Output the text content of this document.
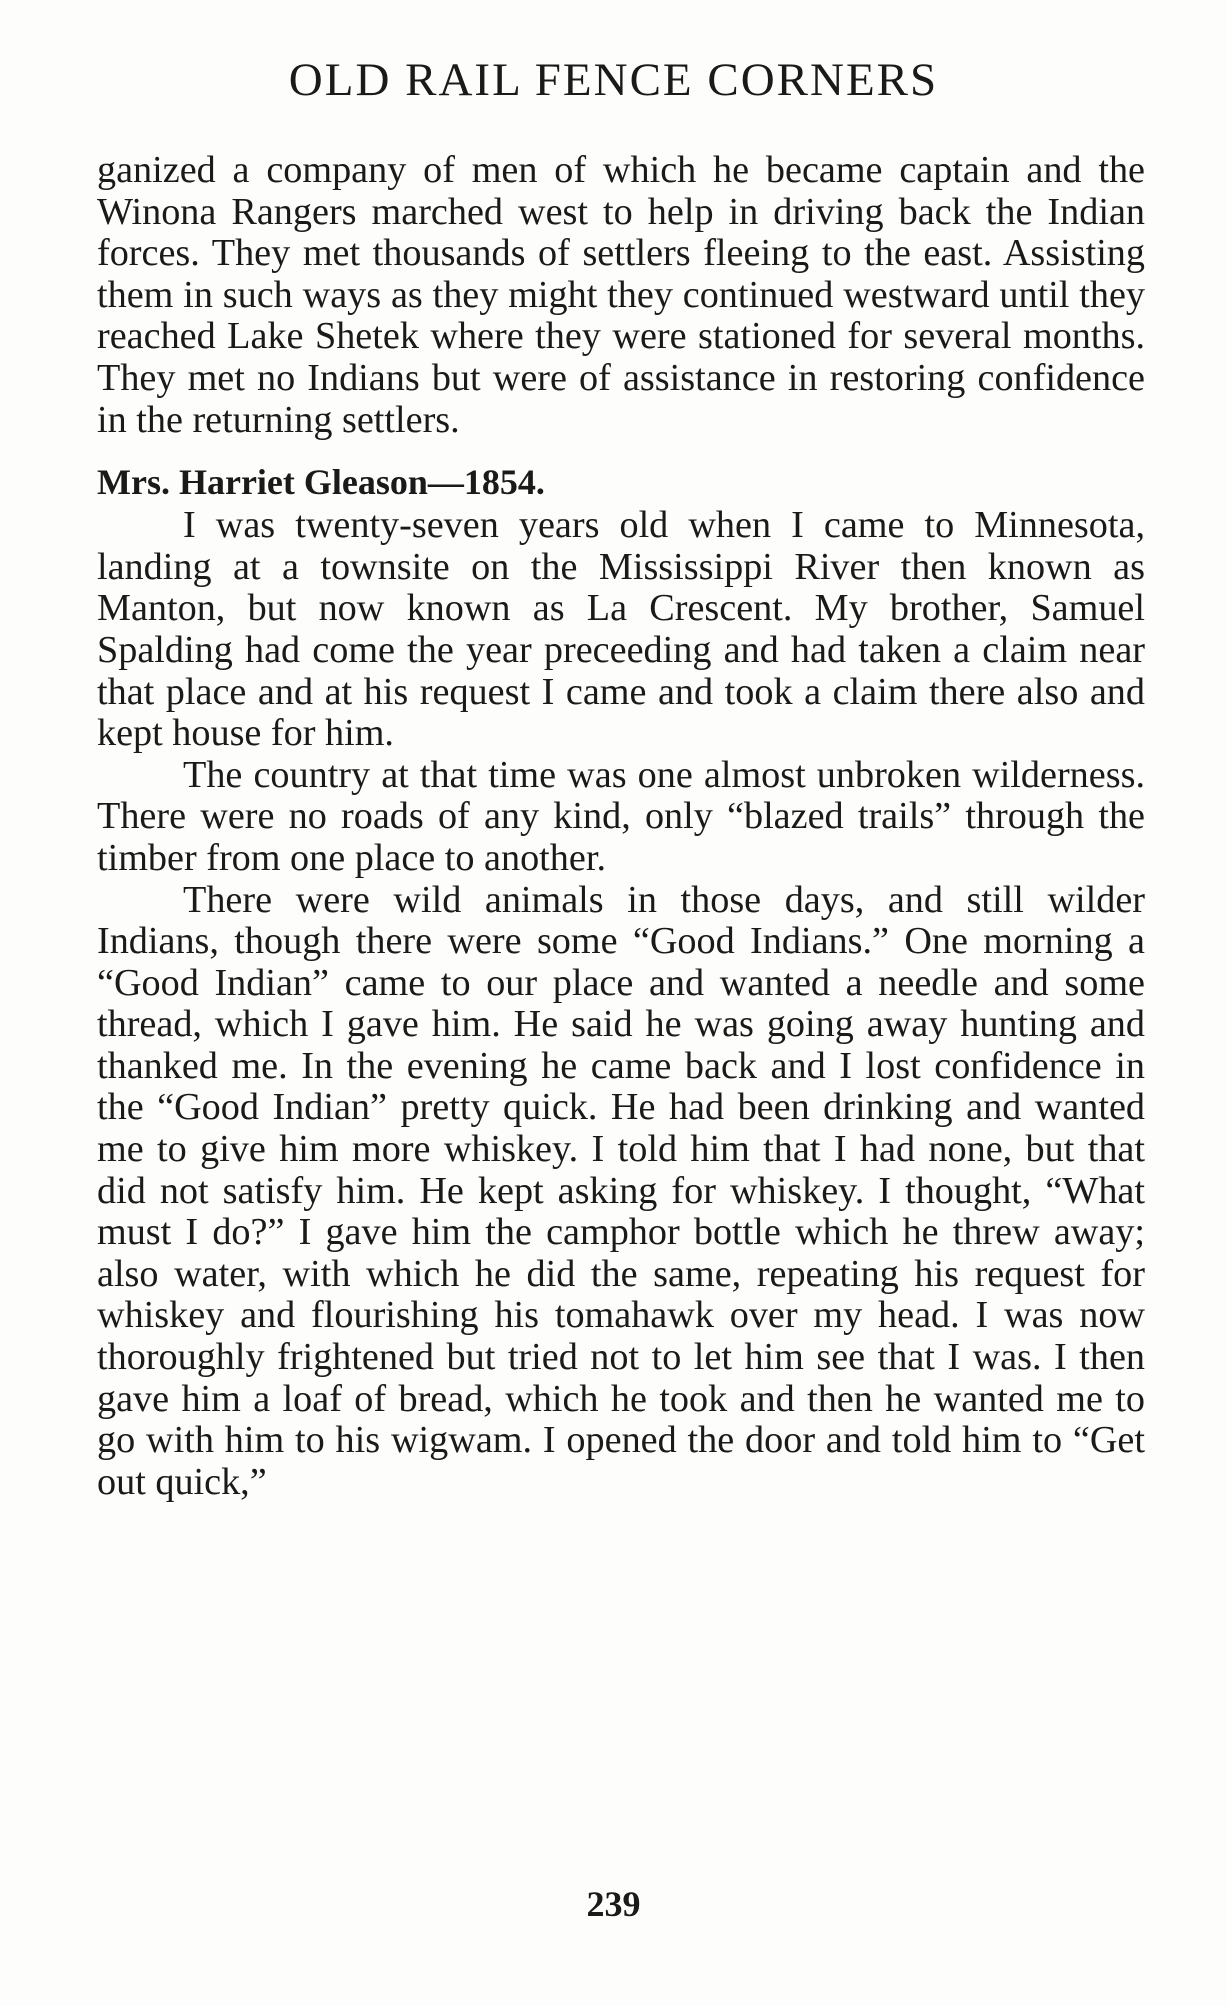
OLD RAIL FENCE CORNERS

ganized a company of men of which he became captain and the Winona Rangers marched west to help in driving back the Indian forces. They met thousands of settlers fleeing to the east. Assisting them in such ways as they might they continued westward until they reached Lake Shetek where they were stationed for several months. They met no Indians but were of assistance in restoring confidence in the returning settlers.

Mrs. Harriet Gleason—1854.

I was twenty-seven years old when I came to Minnesota, landing at a townsite on the Mississippi River then known as Manton, but now known as La Crescent. My brother, Samuel Spalding had come the year preceeding and had taken a claim near that place and at his request I came and took a claim there also and kept house for him.

The country at that time was one almost unbroken wilderness. There were no roads of any kind, only “blazed trails” through the timber from one place to another.

There were wild animals in those days, and still wilder Indians, though there were some “Good Indians.” One morning a “Good Indian” came to our place and wanted a needle and some thread, which I gave him. He said he was going away hunting and thanked me. In the evening he came back and I lost confidence in the “Good Indian” pretty quick. He had been drinking and wanted me to give him more whiskey. I told him that I had none, but that did not satisfy him. He kept asking for whiskey. I thought, “What must I do?” I gave him the camphor bottle which he threw away; also water, with which he did the same, repeating his request for whiskey and flourishing his tomahawk over my head. I was now thoroughly frightened but tried not to let him see that I was. I then gave him a loaf of bread, which he took and then he wanted me to go with him to his wigwam. I opened the door and told him to “Get out quick,”

239
